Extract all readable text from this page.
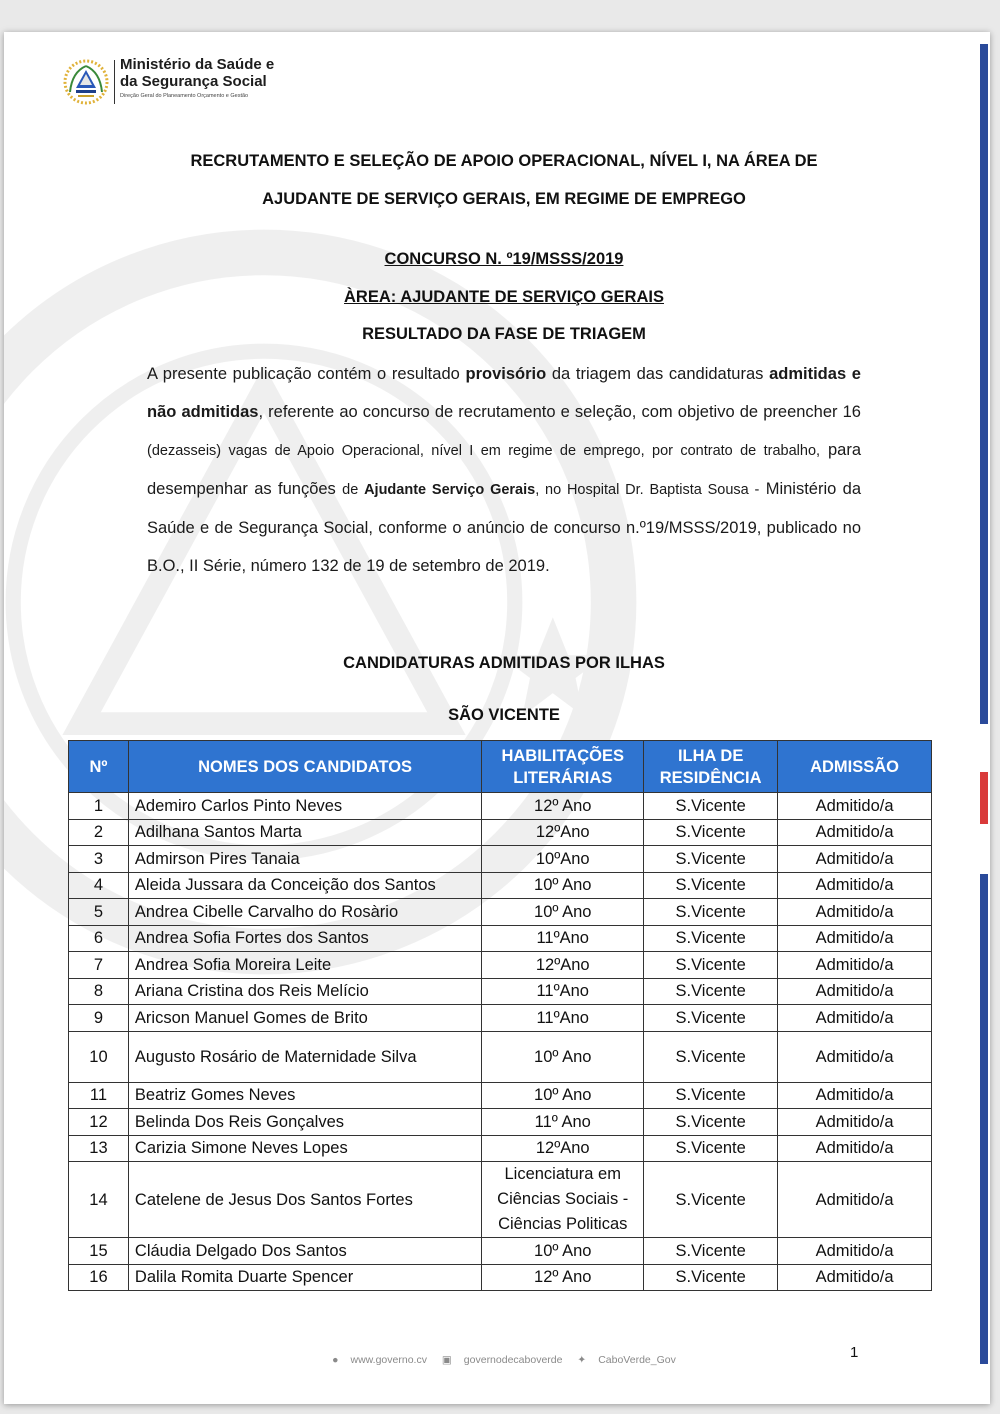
Ministério da Saúde e
da Segurança Social
Direção Geral do Planeamento Orçamento e Gestão
RECRUTAMENTO E SELEÇÃO DE APOIO OPERACIONAL, NÍVEL I, NA ÁREA DE
AJUDANTE DE SERVIÇO GERAIS, EM REGIME DE EMPREGO
CONCURSO N. º19/MSSS/2019
ÀREA: AJUDANTE DE SERVIÇO GERAIS
RESULTADO DA FASE DE TRIAGEM
A presente publicação contém o resultado provisório da triagem das candidaturas admitidas e não admitidas, referente ao concurso de recrutamento e seleção, com objetivo de preencher 16 (dezasseis) vagas de Apoio Operacional, nível I em regime de emprego, por contrato de trabalho, para desempenhar as funções de Ajudante Serviço Gerais, no Hospital Dr. Baptista Sousa - Ministério da Saúde e de Segurança Social, conforme o anúncio de concurso n.º19/MSSS/2019, publicado no B.O., II Série, número 132 de 19 de setembro de 2019.
CANDIDATURAS ADMITIDAS POR ILHAS
SÃO VICENTE
1
● www.governo.cv ▣ governodecaboverde ✦ CaboVerde_Gov
Nº	NOMES DOS CANDIDATOS	HABILITAÇÕES LITERÁRIAS	ILHA DE RESIDÊNCIA	ADMISSÃO
1	Ademiro Carlos Pinto Neves	12º Ano	S.Vicente	Admitido/a
2	Adilhana Santos Marta	12ºAno	S.Vicente	Admitido/a
3	Admirson Pires Tanaia	10ºAno	S.Vicente	Admitido/a
4	Aleida Jussara da Conceição dos Santos	10º Ano	S.Vicente	Admitido/a
5	Andrea Cibelle Carvalho do Rosàrio	10º Ano	S.Vicente	Admitido/a
6	Andrea Sofia Fortes dos Santos	11ºAno	S.Vicente	Admitido/a
7	Andrea Sofia Moreira Leite	12ºAno	S.Vicente	Admitido/a
8	Ariana Cristina dos Reis Melício	11ºAno	S.Vicente	Admitido/a
9	Aricson Manuel Gomes de Brito	11ºAno	S.Vicente	Admitido/a
10	Augusto Rosário de Maternidade Silva	10º Ano	S.Vicente	Admitido/a
11	Beatriz Gomes Neves	10º Ano	S.Vicente	Admitido/a
12	Belinda Dos Reis Gonçalves	11º Ano	S.Vicente	Admitido/a
13	Carizia Simone Neves Lopes	12ºAno	S.Vicente	Admitido/a
14	Catelene de Jesus Dos Santos Fortes	Licenciatura em Ciências Sociais - Ciências Politicas	S.Vicente	Admitido/a
15	Cláudia Delgado Dos Santos	10º Ano	S.Vicente	Admitido/a
16	Dalila Romita Duarte Spencer	12º Ano	S.Vicente	Admitido/a
